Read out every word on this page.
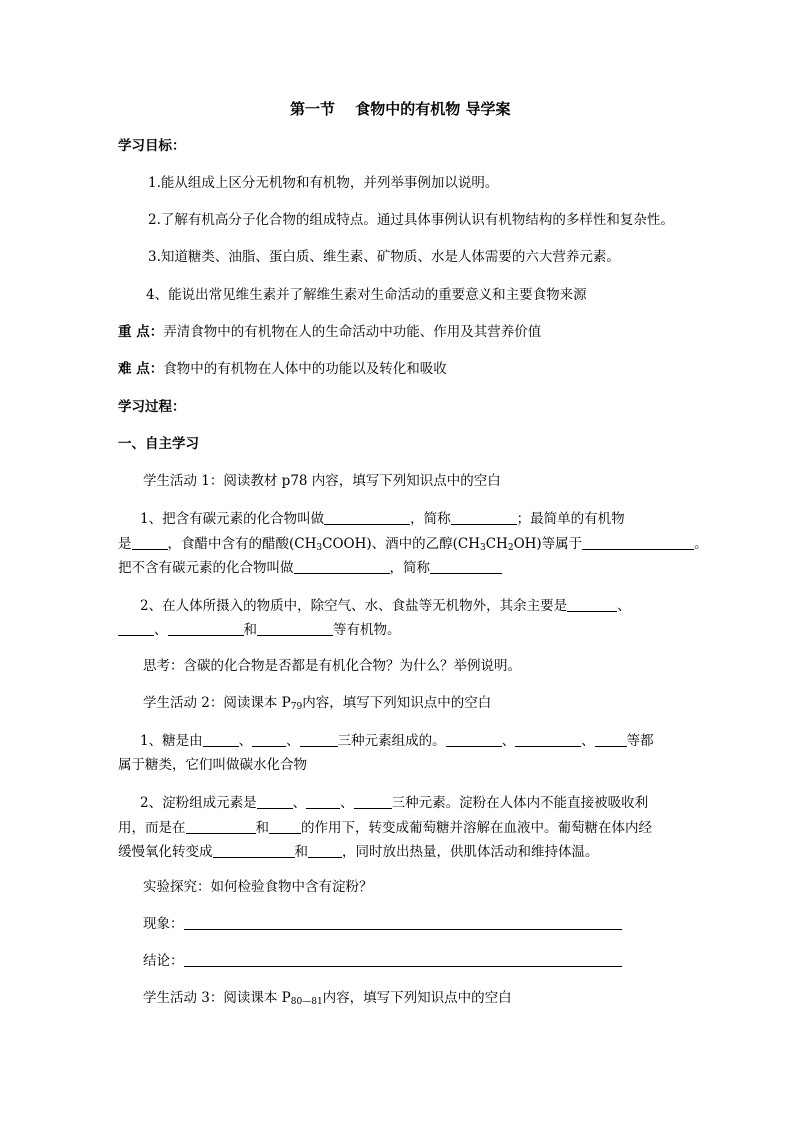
第一节　 食物中的有机物 导学案
学习目标：
1.能从组成上区分无机物和有机物，并列举事例加以说明。
2.了解有机高分子化合物的组成特点。通过具体事例认识有机物结构的多样性和复杂性。
3.知道糖类、油脂、蛋白质、维生素、矿物质、水是人体需要的六大营养元素。
4、能说出常见维生素并了解维生素对生命活动的重要意义和主要食物来源
重 点：弄清食物中的有机物在人的生命活动中功能、作用及其营养价值
难 点：食物中的有机物在人体中的功能以及转化和吸收
学习过程：
一、自主学习
学生活动 1：阅读教材 p78 内容，填写下列知识点中的空白
1、把含有碳元素的化合物叫做	，简称	；最简单的有机物
是	，食醋中含有的醋酸$(CH_3COOH)$、酒中的乙醇$(CH_3CH_2OH)$等属于	。
把不含有碳元素的化合物叫做	，简称
2、在人体所摄入的物质中，除空气、水、食盐等无机物外，其余主要是	、
、	和	等有机物。
思考：含碳的化合物是否都是有机化合物？为什么？举例说明。
学生活动 2：阅读课本 $P_{79}$内容，填写下列知识点中的空白
1、糖是由	、	、	三种元素组成的。	、	、 等都
属于糖类，它们叫做碳水化合物
2、淀粉组成元素是	、	、	三种元素。淀粉在人体内不能直接被吸收利
用，而是在	和 的作用下，转变成葡萄糖并溶解在血液中。葡萄糖在体内经
缓慢氧化转变成	和	，同时放出热量，供肌体活动和维持体温。
实验探究：如何检验食物中含有淀粉？
现象：
结论：
学生活动 3：阅读课本 $P_{80—81}$内容，填写下列知识点中的空白
